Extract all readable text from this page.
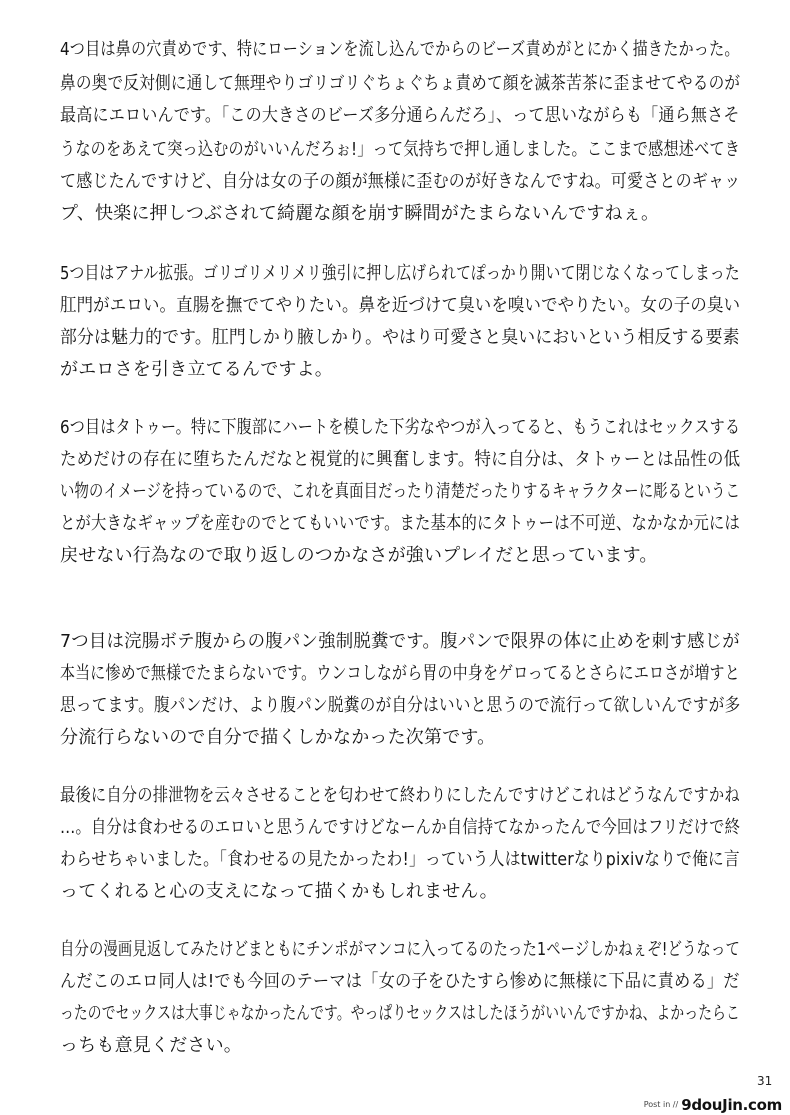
4つ目は鼻の穴責めです、特にローションを流し込んでからのビーズ責めがとにかく描きたかった。
鼻の奥で反対側に通して無理やりゴリゴリぐちょぐちょ責めて顔を滅茶苦茶に歪ませてやるのが
最高にエロいんです。「この大きさのビーズ多分通らんだろ」、って思いながらも「通ら無さそ
うなのをあえて突っ込むのがいいんだろぉ!」って気持ちで押し通しました。ここまで感想述べてき
て感じたんですけど、自分は女の子の顔が無様に歪むのが好きなんですね。可愛さとのギャッ
プ、快楽に押しつぶされて綺麗な顔を崩す瞬間がたまらないんですねぇ。
5つ目はアナル拡張。ゴリゴリメリメリ強引に押し広げられてぽっかり開いて閉じなくなってしまった
肛門がエロい。直腸を撫でてやりたい。鼻を近づけて臭いを嗅いでやりたい。女の子の臭い
部分は魅力的です。肛門しかり腋しかり。やはり可愛さと臭いにおいという相反する要素
がエロさを引き立てるんですよ。
6つ目はタトゥー。特に下腹部にハートを模した下劣なやつが入ってると、もうこれはセックスする
ためだけの存在に堕ちたんだなと視覚的に興奮します。特に自分は、タトゥーとは品性の低
い物のイメージを持っているので、これを真面目だったり清楚だったりするキャラクターに彫るというこ
とが大きなギャップを産むのでとてもいいです。また基本的にタトゥーは不可逆、なかなか元には
戻せない行為なので取り返しのつかなさが強いプレイだと思っています。
7つ目は浣腸ボテ腹からの腹パン強制脱糞です。腹パンで限界の体に止めを刺す感じが
本当に惨めで無様でたまらないです。ウンコしながら胃の中身をゲロってるとさらにエロさが増すと
思ってます。腹パンだけ、より腹パン脱糞のが自分はいいと思うので流行って欲しいんですが多
分流行らないので自分で描くしかなかった次第です。
最後に自分の排泄物を云々させることを匂わせて終わりにしたんですけどこれはどうなんですかね
…。自分は食わせるのエロいと思うんですけどなーんか自信持てなかったんで今回はフリだけで終
わらせちゃいました。「食わせるの見たかったわ!」っていう人はtwitterなりpixivなりで俺に言
ってくれると心の支えになって描くかもしれません。
自分の漫画見返してみたけどまともにチンポがマンコに入ってるのたった1ページしかねぇぞ!どうなって
んだこのエロ同人は!でも今回のテーマは「女の子をひたすら惨めに無様に下品に責める」だ
ったのでセックスは大事じゃなかったんです。やっぱりセックスはしたほうがいいんですかね、よかったらこ
っちも意見ください。
31
Post in // 9douJin.com
